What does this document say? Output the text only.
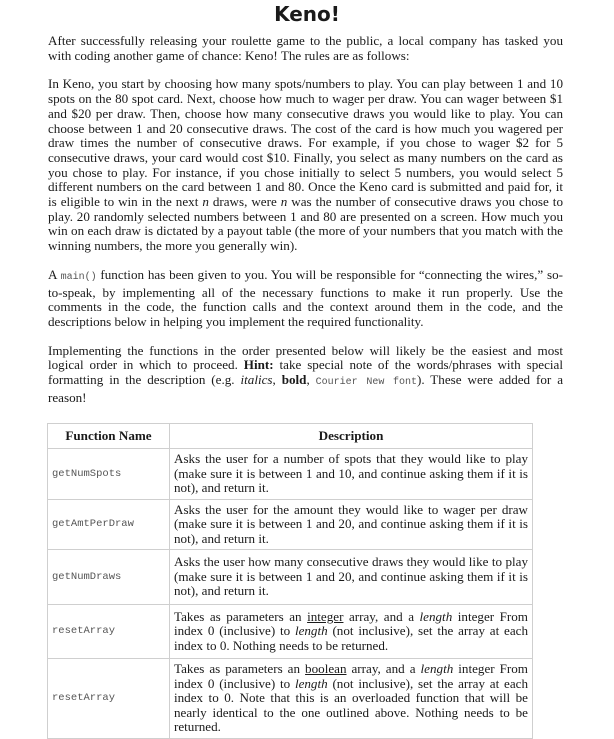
Keno!

After successfully releasing your roulette game to the public, a local company has tasked you with coding another game of chance: Keno! The rules are as follows:

In Keno, you start by choosing how many spots/numbers to play. You can play between 1 and 10 spots on the 80 spot card. Next, choose how much to wager per draw. You can wager between $1 and $20 per draw. Then, choose how many consecutive draws you would like to play. You can choose between 1 and 20 consecutive draws. The cost of the card is how much you wagered per draw times the number of consecutive draws. For example, if you chose to wager $2 for 5 consecutive draws, your card would cost $10. Finally, you select as many numbers on the card as you chose to play. For instance, if you chose initially to select 5 numbers, you would select 5 different numbers on the card between 1 and 80. Once the Keno card is submitted and paid for, it is eligible to win in the next n draws, were n was the number of consecutive draws you chose to play. 20 randomly selected numbers between 1 and 80 are presented on a screen. How much you win on each draw is dictated by a payout table (the more of your numbers that you match with the winning numbers, the more you generally win).

A main() function has been given to you. You will be responsible for “connecting the wires,” so-to-speak, by implementing all of the necessary functions to make it run properly. Use the comments in the code, the function calls and the context around them in the code, and the descriptions below in helping you implement the required functionality.

Implementing the functions in the order presented below will likely be the easiest and most logical order in which to proceed. Hint: take special note of the words/phrases with special formatting in the description (e.g. italics, bold, Courier New font). These were added for a reason!

Function Name	Description
getNumSpots	Asks the user for a number of spots that they would like to play (make sure it is between 1 and 10, and continue asking them if it is not), and return it.
getAmtPerDraw	Asks the user for the amount they would like to wager per draw (make sure it is between 1 and 20, and continue asking them if it is not), and return it.
getNumDraws	Asks the user how many consecutive draws they would like to play (make sure it is between 1 and 20, and continue asking them if it is not), and return it.
resetArray	Takes as parameters an integer array, and a length integer From index 0 (inclusive) to length (not inclusive), set the array at each index to 0. Nothing needs to be returned.
resetArray	Takes as parameters an boolean array, and a length integer From index 0 (inclusive) to length (not inclusive), set the array at each index to 0. Note that this is an overloaded function that will be nearly identical to the one outlined above. Nothing needs to be returned.
